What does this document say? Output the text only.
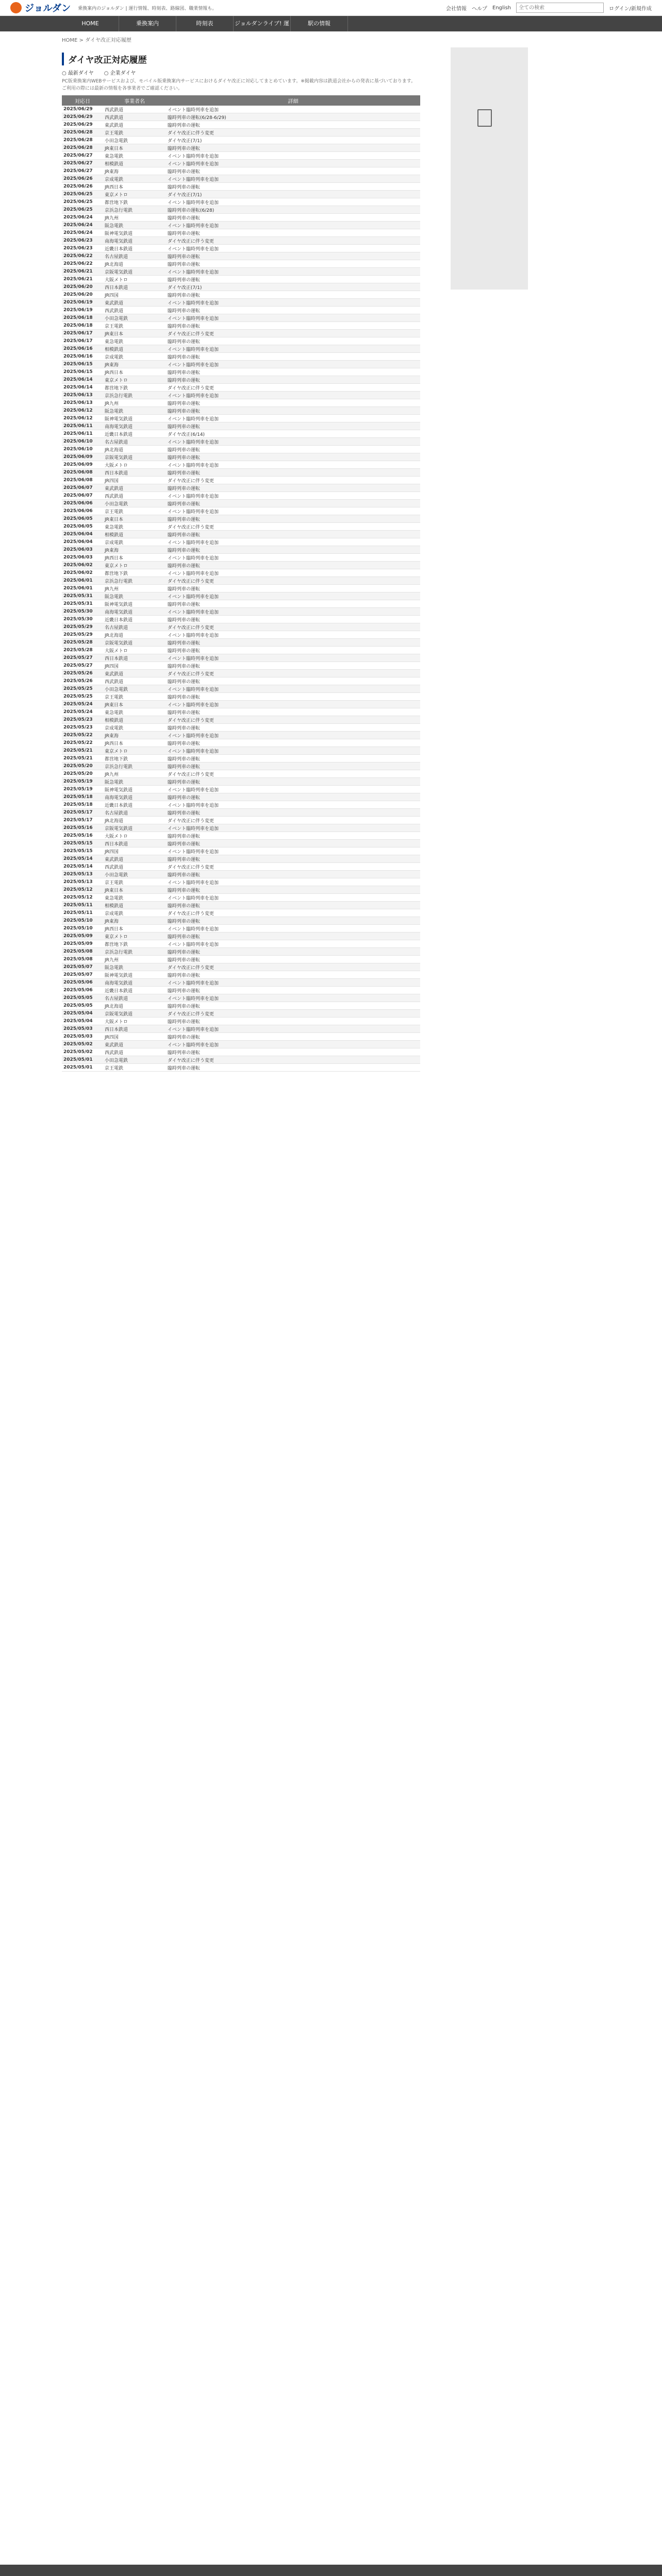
ジョルダン 乗換案内のジョルダン | 運行情報、時刻表、路線図、職業情報も。	会社情報 ヘルプ English
全ての検索	ログイン/新規作成
HOME	乗換案内	時刻表	ジョルダンライブ! 運行情報
駅の情報
HOME > ダイヤ改正対応履歴
ダイヤ改正対応履歴
○ 最新ダイヤ　　○ 企業ダイヤ
PC版乗換案内WEBサービスおよび、モバイル版乗換案内サービスにおけるダイヤ改正に対応してまとめています。※掲載内容は鉄道会社からの発表に基づいております。ご利用の際には最新の情報を各事業者でご確認ください。
対応日	事業者名	詳細
2025/06/29	西武鉄道	イベント臨時列車を追加
2025/06/29	西武鉄道	臨時列車の運転(6/28-6/29)
2025/06/29	東武鉄道	臨時列車の運転
2025/06/28	京王電鉄	ダイヤ改正に伴う変更
2025/06/28	小田急電鉄	ダイヤ改正(7/1)
2025/06/28	JR東日本	臨時列車の運転
2025/06/27	東急電鉄	イベント臨時列車を追加
2025/06/27	相模鉄道	イベント臨時列車を追加
2025/06/27	JR東海	臨時列車の運転
2025/06/26	京成電鉄	イベント臨時列車を追加
2025/06/26	JR西日本	臨時列車の運転
2025/06/25	東京メトロ	ダイヤ改正(7/1)
2025/06/25	都営地下鉄	イベント臨時列車を追加
2025/06/25	京浜急行電鉄	臨時列車の運転(6/28)
2025/06/24	JR九州	臨時列車の運転
2025/06/24	阪急電鉄	イベント臨時列車を追加
2025/06/24	阪神電気鉄道	臨時列車の運転
2025/06/23	南海電気鉄道	ダイヤ改正に伴う変更
2025/06/23	近畿日本鉄道	イベント臨時列車を追加
2025/06/22	名古屋鉄道	臨時列車の運転
2025/06/22	JR北海道	臨時列車の運転
2025/06/21	京阪電気鉄道	イベント臨時列車を追加
2025/06/21	大阪メトロ	臨時列車の運転
2025/06/20	西日本鉄道	ダイヤ改正(7/1)
2025/06/20	JR四国	臨時列車の運転
2025/06/19	東武鉄道	イベント臨時列車を追加
2025/06/19	西武鉄道	臨時列車の運転
2025/06/18	小田急電鉄	イベント臨時列車を追加
2025/06/18	京王電鉄	臨時列車の運転
2025/06/17	JR東日本	ダイヤ改正に伴う変更
2025/06/17	東急電鉄	臨時列車の運転
2025/06/16	相模鉄道	イベント臨時列車を追加
2025/06/16	京成電鉄	臨時列車の運転
2025/06/15	JR東海	イベント臨時列車を追加
2025/06/15	JR西日本	臨時列車の運転
2025/06/14	東京メトロ	臨時列車の運転
2025/06/14	都営地下鉄	ダイヤ改正に伴う変更
2025/06/13	京浜急行電鉄	イベント臨時列車を追加
2025/06/13	JR九州	臨時列車の運転
2025/06/12	阪急電鉄	臨時列車の運転
2025/06/12	阪神電気鉄道	イベント臨時列車を追加
2025/06/11	南海電気鉄道	臨時列車の運転
2025/06/11	近畿日本鉄道	ダイヤ改正(6/14)
2025/06/10	名古屋鉄道	イベント臨時列車を追加
2025/06/10	JR北海道	臨時列車の運転
2025/06/09	京阪電気鉄道	臨時列車の運転
2025/06/09	大阪メトロ	イベント臨時列車を追加
2025/06/08	西日本鉄道	臨時列車の運転
2025/06/08	JR四国	ダイヤ改正に伴う変更
2025/06/07	東武鉄道	臨時列車の運転
2025/06/07	西武鉄道	イベント臨時列車を追加
2025/06/06	小田急電鉄	臨時列車の運転
2025/06/06	京王電鉄	イベント臨時列車を追加
2025/06/05	JR東日本	臨時列車の運転
2025/06/05	東急電鉄	ダイヤ改正に伴う変更
2025/06/04	相模鉄道	臨時列車の運転
2025/06/04	京成電鉄	イベント臨時列車を追加
2025/06/03	JR東海	臨時列車の運転
2025/06/03	JR西日本	イベント臨時列車を追加
2025/06/02	東京メトロ	臨時列車の運転
2025/06/02	都営地下鉄	イベント臨時列車を追加
2025/06/01	京浜急行電鉄	ダイヤ改正に伴う変更
2025/06/01	JR九州	臨時列車の運転
2025/05/31	阪急電鉄	イベント臨時列車を追加
2025/05/31	阪神電気鉄道	臨時列車の運転
2025/05/30	南海電気鉄道	イベント臨時列車を追加
2025/05/30	近畿日本鉄道	臨時列車の運転
2025/05/29	名古屋鉄道	ダイヤ改正に伴う変更
2025/05/29	JR北海道	イベント臨時列車を追加
2025/05/28	京阪電気鉄道	臨時列車の運転
2025/05/28	大阪メトロ	臨時列車の運転
2025/05/27	西日本鉄道	イベント臨時列車を追加
2025/05/27	JR四国	臨時列車の運転
2025/05/26	東武鉄道	ダイヤ改正に伴う変更
2025/05/26	西武鉄道	臨時列車の運転
2025/05/25	小田急電鉄	イベント臨時列車を追加
2025/05/25	京王電鉄	臨時列車の運転
2025/05/24	JR東日本	イベント臨時列車を追加
2025/05/24	東急電鉄	臨時列車の運転
2025/05/23	相模鉄道	ダイヤ改正に伴う変更
2025/05/23	京成電鉄	臨時列車の運転
2025/05/22	JR東海	イベント臨時列車を追加
2025/05/22	JR西日本	臨時列車の運転
2025/05/21	東京メトロ	イベント臨時列車を追加
2025/05/21	都営地下鉄	臨時列車の運転
2025/05/20	京浜急行電鉄	臨時列車の運転
2025/05/20	JR九州	ダイヤ改正に伴う変更
2025/05/19	阪急電鉄	臨時列車の運転
2025/05/19	阪神電気鉄道	イベント臨時列車を追加
2025/05/18	南海電気鉄道	臨時列車の運転
2025/05/18	近畿日本鉄道	イベント臨時列車を追加
2025/05/17	名古屋鉄道	臨時列車の運転
2025/05/17	JR北海道	ダイヤ改正に伴う変更
2025/05/16	京阪電気鉄道	イベント臨時列車を追加
2025/05/16	大阪メトロ	臨時列車の運転
2025/05/15	西日本鉄道	臨時列車の運転
2025/05/15	JR四国	イベント臨時列車を追加
2025/05/14	東武鉄道	臨時列車の運転
2025/05/14	西武鉄道	ダイヤ改正に伴う変更
2025/05/13	小田急電鉄	臨時列車の運転
2025/05/13	京王電鉄	イベント臨時列車を追加
2025/05/12	JR東日本	臨時列車の運転
2025/05/12	東急電鉄	イベント臨時列車を追加
2025/05/11	相模鉄道	臨時列車の運転
2025/05/11	京成電鉄	ダイヤ改正に伴う変更
2025/05/10	JR東海	臨時列車の運転
2025/05/10	JR西日本	イベント臨時列車を追加
2025/05/09	東京メトロ	臨時列車の運転
2025/05/09	都営地下鉄	イベント臨時列車を追加
2025/05/08	京浜急行電鉄	臨時列車の運転
2025/05/08	JR九州	臨時列車の運転
2025/05/07	阪急電鉄	ダイヤ改正に伴う変更
2025/05/07	阪神電気鉄道	臨時列車の運転
2025/05/06	南海電気鉄道	イベント臨時列車を追加
2025/05/06	近畿日本鉄道	臨時列車の運転
2025/05/05	名古屋鉄道	イベント臨時列車を追加
2025/05/05	JR北海道	臨時列車の運転
2025/05/04	京阪電気鉄道	ダイヤ改正に伴う変更
2025/05/04	大阪メトロ	臨時列車の運転
2025/05/03	西日本鉄道	イベント臨時列車を追加
2025/05/03	JR四国	臨時列車の運転
2025/05/02	東武鉄道	イベント臨時列車を追加
2025/05/02	西武鉄道	臨時列車の運転
2025/05/01	小田急電鉄	ダイヤ改正に伴う変更
2025/05/01	京王電鉄	臨時列車の運転
